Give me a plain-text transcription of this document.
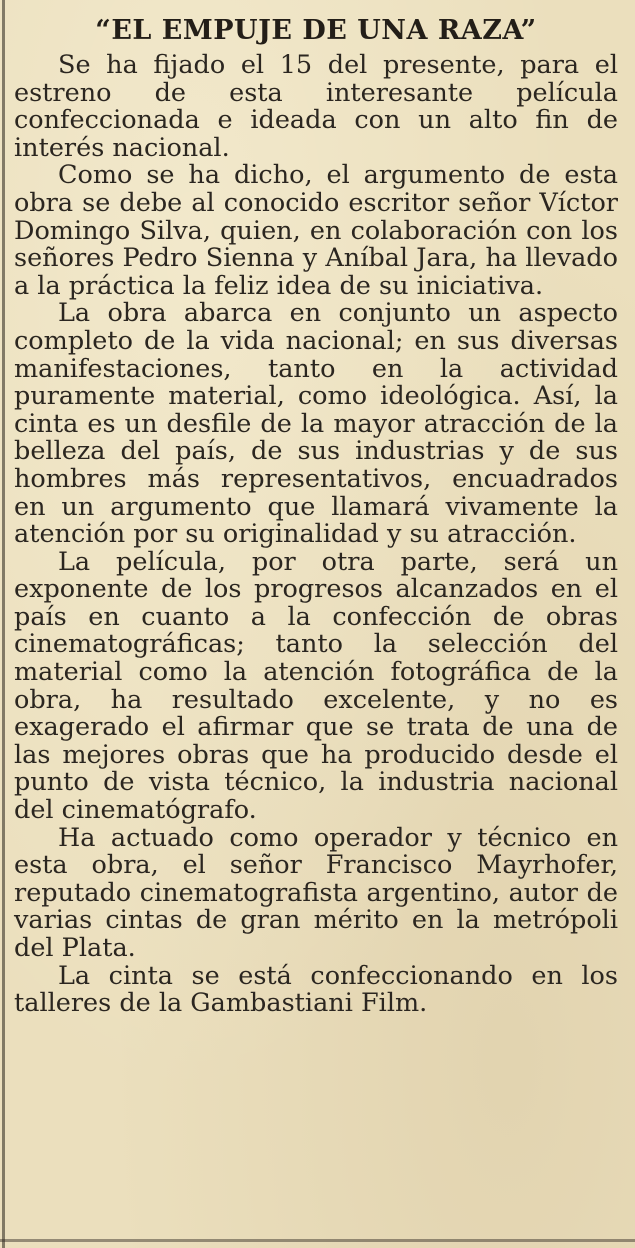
“EL EMPUJE DE UNA RAZA”

Se ha fijado el 15 del presente, para el estreno de esta interesante película confeccionada e ideada con un alto fin de interés nacional.

Como se ha dicho, el argumento de esta obra se debe al conocido escritor señor Víctor Domingo Silva, quien, en colaboración con los señores Pedro Sienna y Aníbal Jara, ha llevado a la práctica la feliz idea de su iniciativa.

La obra abarca en conjunto un aspecto completo de la vida nacional; en sus diversas manifestaciones, tanto en la actividad puramente material, como ideológica. Así, la cinta es un desfile de la mayor atracción de la belleza del país, de sus industrias y de sus hombres más representativos, encuadrados en un argumento que llamará vivamente la atención por su originalidad y su atracción.

La película, por otra parte, será un exponente de los progresos alcanzados en el país en cuanto a la confección de obras cinematográficas; tanto la selección del material como la atención fotográfica de la obra, ha resultado excelente, y no es exagerado el afirmar que se trata de una de las mejores obras que ha producido desde el punto de vista técnico, la industria nacional del cinematógrafo.

Ha actuado como operador y técnico en esta obra, el señor Francisco Mayrhofer, reputado cinematografista argentino, autor de varias cintas de gran mérito en la metrópoli del Plata.

La cinta se está confeccionando en los talleres de la Gambastiani Film.
